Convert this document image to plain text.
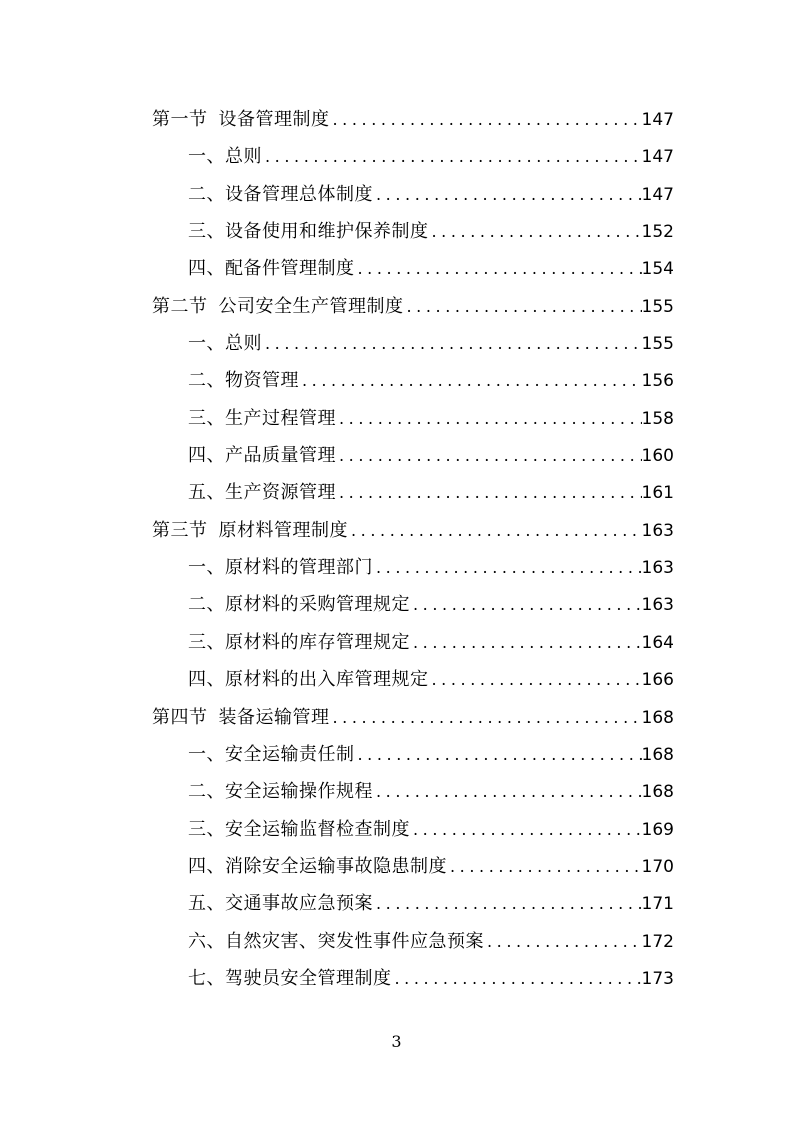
第一节 设备管理制度 .....	147
一、总则 .....	147
二、设备管理总体制度 .....	147
三、设备使用和维护保养制度 .....	152
四、配备件管理制度 .....	154
第二节 公司安全生产管理制度 .....	155
一、总则 .....	155
二、物资管理 .....	156
三、生产过程管理 .....	158
四、产品质量管理 .....	160
五、生产资源管理 .....	161
第三节 原材料管理制度 .....	163
一、原材料的管理部门 .....	163
二、原材料的采购管理规定 .....	163
三、原材料的库存管理规定 .....	164
四、原材料的出入库管理规定 .....	166
第四节 装备运输管理 .....	168
一、安全运输责任制 .....	168
二、安全运输操作规程 .....	168
三、安全运输监督检查制度 .....	169
四、消除安全运输事故隐患制度 .....	170
五、交通事故应急预案 .....	171
六、自然灾害、突发性事件应急预案 .....	172
七、驾驶员安全管理制度 .....	173
3
